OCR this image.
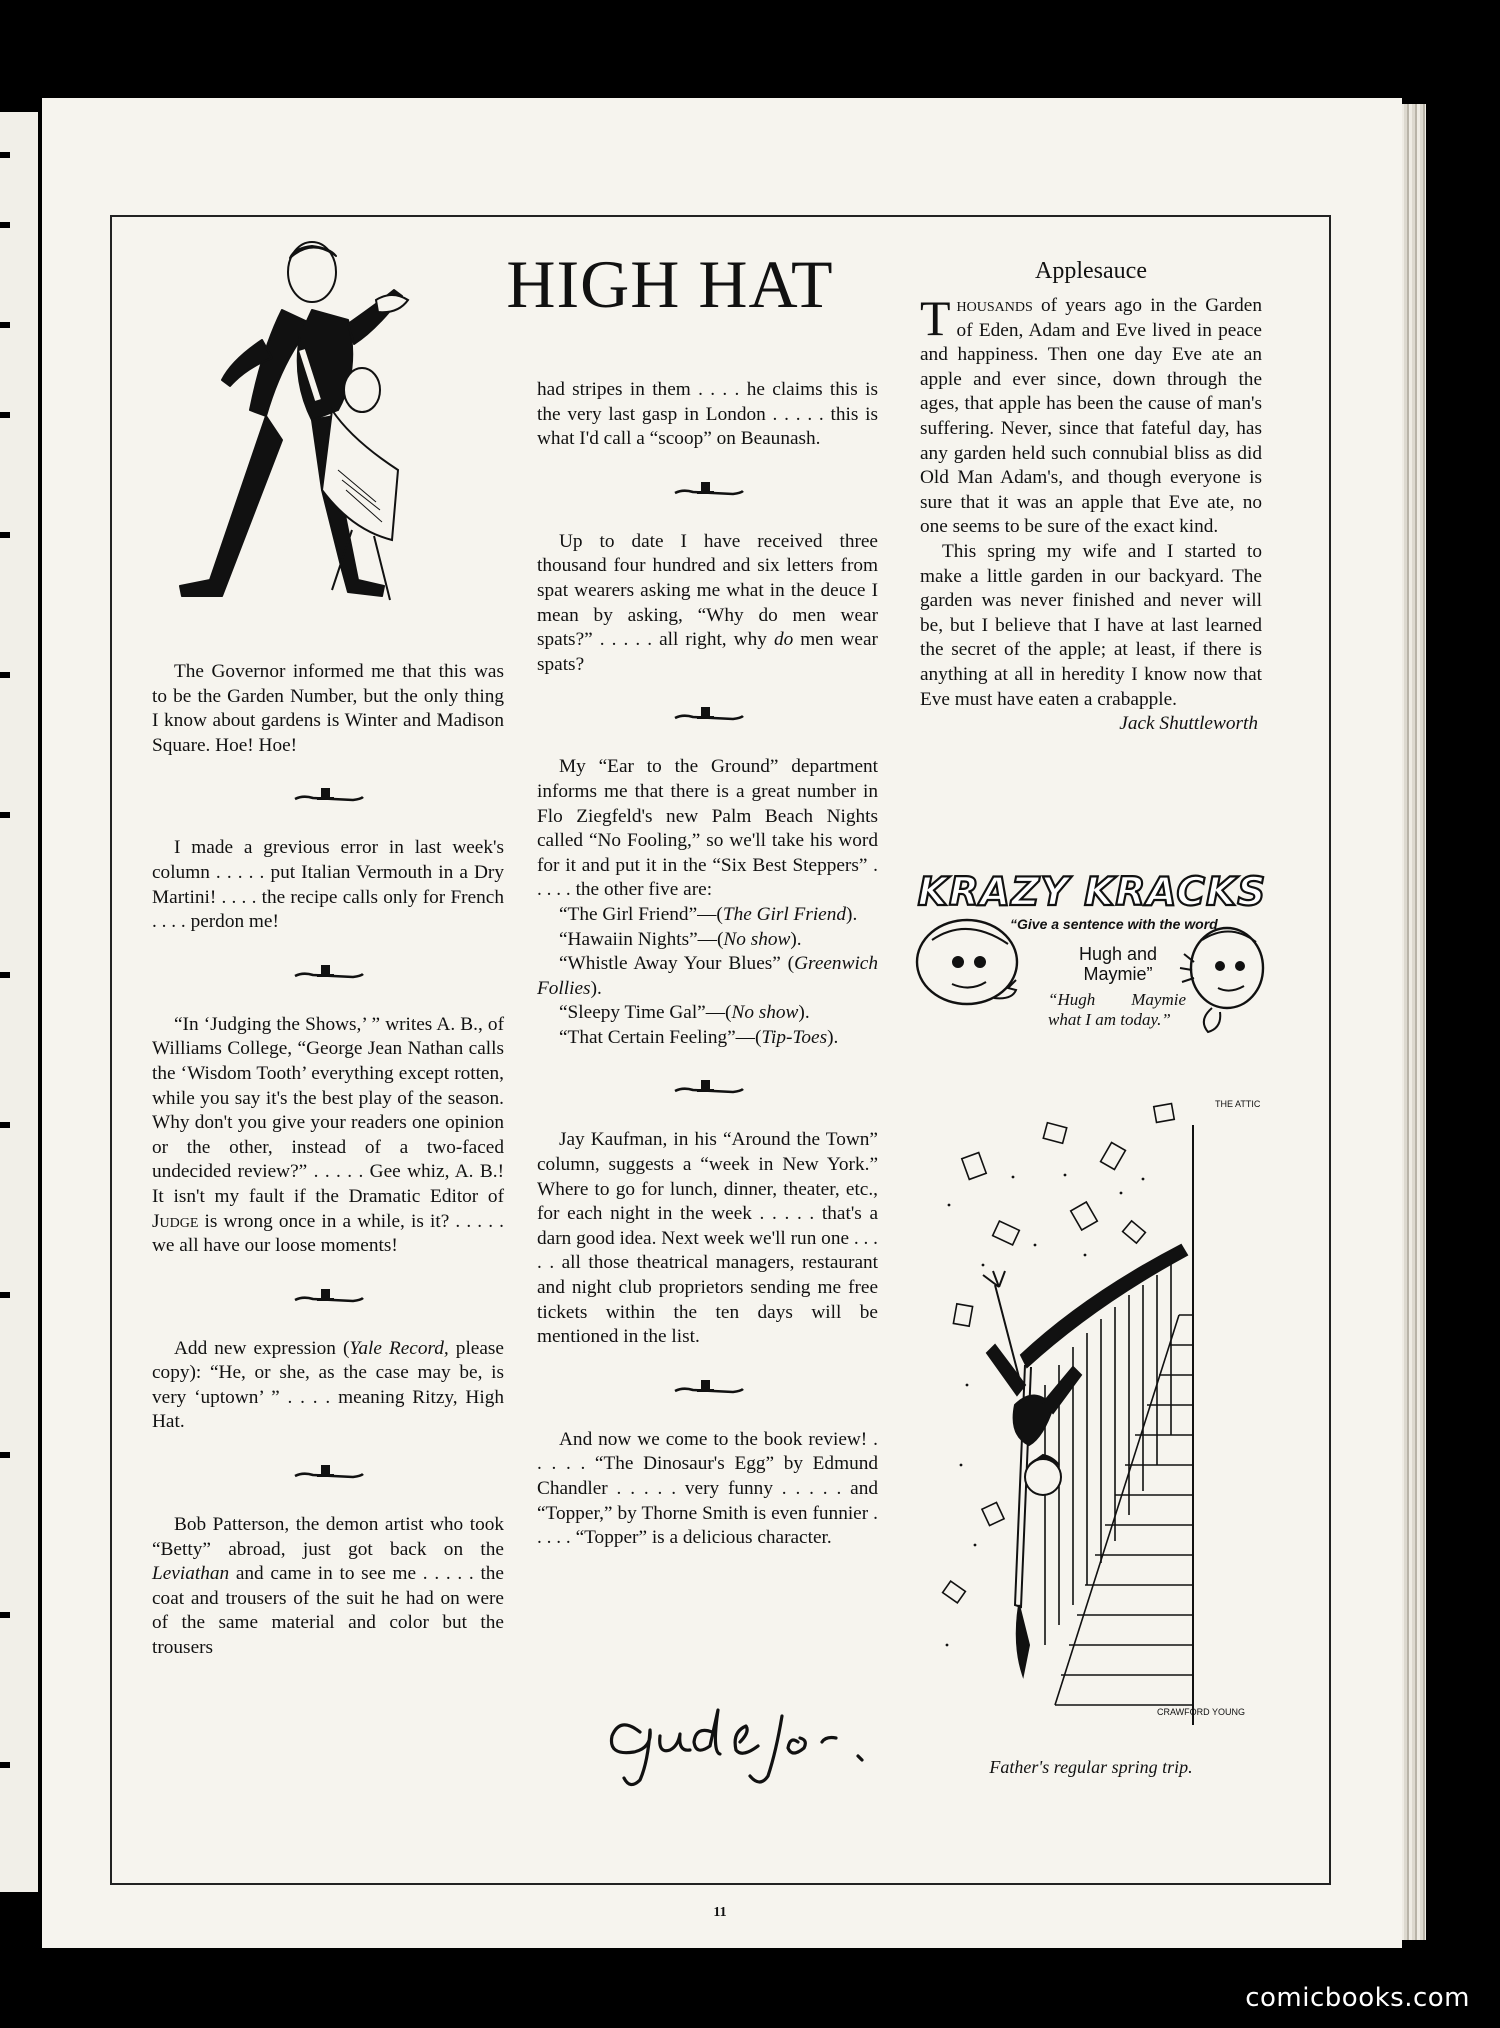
HIGH HAT

The Governor informed me that this was to be the Garden Number, but the only thing I know about gardens is Winter and Madison Square. Hoe! Hoe!

I made a grevious error in last week's column . . . . . put Italian Vermouth in a Dry Martini! . . . . the recipe calls only for French . . . . perdon me!

“In ‘Judging the Shows,’ ” writes A. B., of Williams College, “George Jean Nathan calls the ‘Wisdom Tooth’ everything except rotten, while you say it's the best play of the season. Why don't you give your readers one opinion or the other, instead of a two-faced undecided review?” . . . . . Gee whiz, A. B.! It isn't my fault if the Dramatic Editor of Judge is wrong once in a while, is it? . . . . . we all have our loose moments!

Add new expression (Yale Record, please copy): “He, or she, as the case may be, is very ‘uptown’ ” . . . . meaning Ritzy, High Hat.

Bob Patterson, the demon artist who took “Betty” abroad, just got back on the Leviathan and came in to see me . . . . . the coat and trousers of the suit he had on were of the same material and color but the trousers

had stripes in them . . . . he claims this is the very last gasp in London . . . . . this is what I'd call a “scoop” on Beaunash.

Up to date I have received three thousand four hundred and six letters from spat wearers asking me what in the deuce I mean by asking, “Why do men wear spats?” . . . . . all right, why do men wear spats?

My “Ear to the Ground” department informs me that there is a great number in Flo Ziegfeld's new Palm Beach Nights called “No Fooling,” so we'll take his word for it and put it in the “Six Best Steppers” . . . . . the other five are:

“The Girl Friend”—(The Girl Friend).

“Hawaiin Nights”—(No show).

“Whistle Away Your Blues” (Greenwich Follies).

“Sleepy Time Gal”—(No show).

“That Certain Feeling”—(Tip-Toes).

Jay Kaufman, in his “Around the Town” column, suggests a “week in New York.” Where to go for lunch, dinner, theater, etc., for each night in the week . . . . . that's a darn good idea. Next week we'll run one . . . . . all those theatrical managers, restaurant and night club proprietors sending me free tickets within the ten days will be mentioned in the list.

And now we come to the book review! . . . . . “The Dinosaur's Egg” by Edmund Chandler . . . . . very funny . . . . . and “Topper,” by Thorne Smith is even funnier . . . . . “Topper” is a delicious character.

Applesauce

Thousands of years ago in the Garden of Eden, Adam and Eve lived in peace and happiness. Then one day Eve ate an apple and ever since, down through the ages, that apple has been the cause of man's suffering. Never, since that fateful day, has any garden held such connubial bliss as did Old Man Adam's, and though everyone is sure that it was an apple that Eve ate, no one seems to be sure of the exact kind.

This spring my wife and I started to make a little garden in our backyard. The garden was never finished and never will be, but I believe that I have at last learned the secret of the apple; at least, if there is anything at all in heredity I know now that Eve must have eaten a crabapple.
Jack Shuttleworth

KRAZY KRACKS
“Give a sentence with the word
Hugh and Maymie”
“Hugh Maymie what I am today.”
THE ATTIC
CRAWFORD YOUNG
Father's regular spring trip.
11
comicbooks.com
